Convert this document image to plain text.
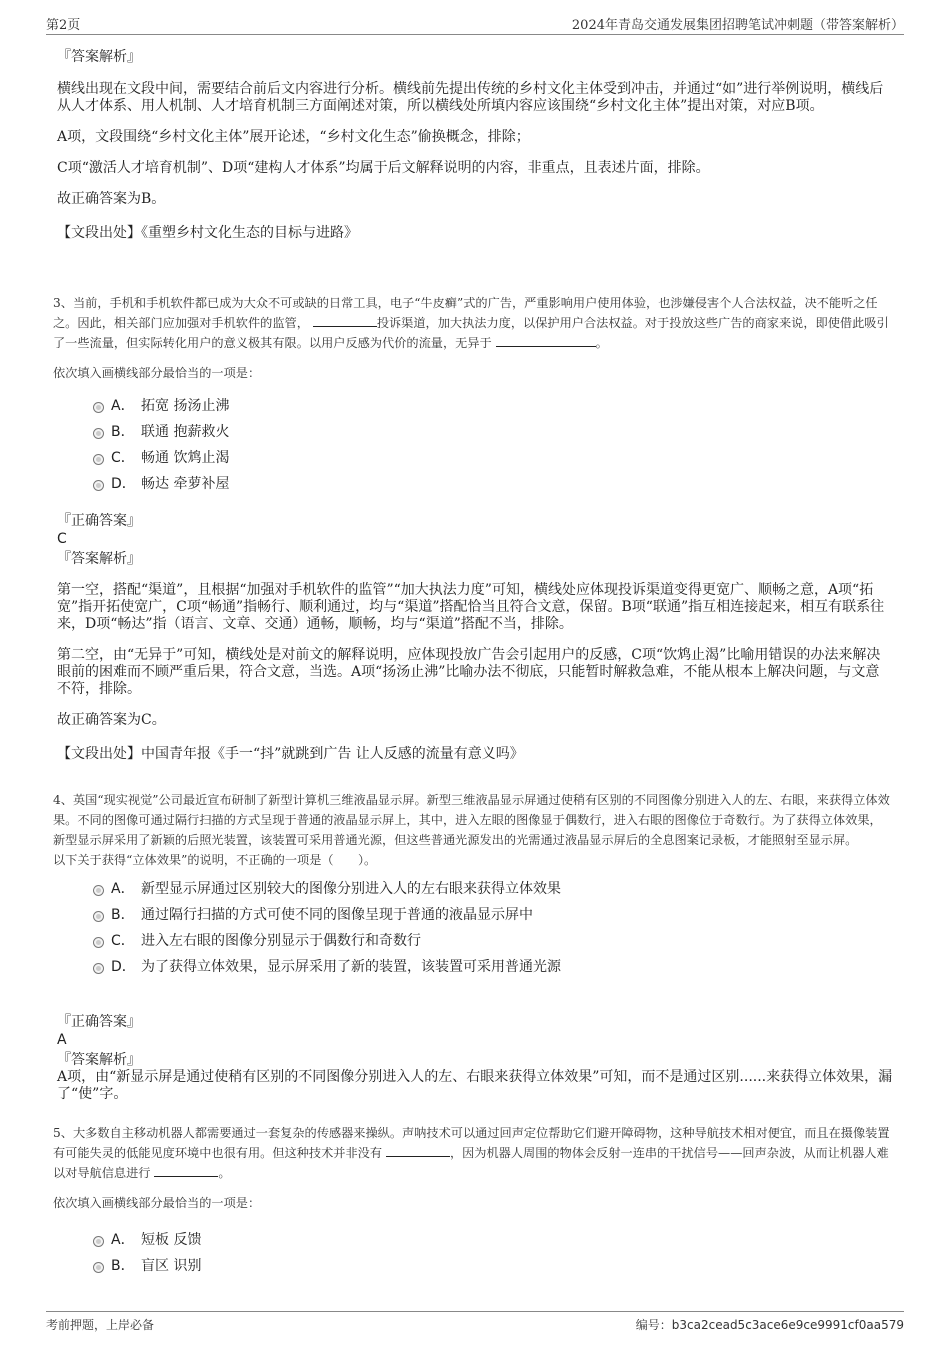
第2页	2024年青岛交通发展集团招聘笔试冲刺题（带答案解析）

『答案解析』

横线出现在文段中间，需要结合前后文内容进行分析。横线前先提出传统的乡村文化主体受到冲击，并通过“如”进行举例说明，横线后从人才体系、用人机制、人才培育机制三方面阐述对策，所以横线处所填内容应该围绕“乡村文化主体”提出对策，对应B项。

A项，文段围绕“乡村文化主体”展开论述，“乡村文化生态”偷换概念，排除；

C项“激活人才培育机制”、D项“建构人才体系”均属于后文解释说明的内容，非重点，且表述片面，排除。

故正确答案为B。

【文段出处】《重塑乡村文化生态的目标与进路》

3、当前，手机和手机软件都已成为大众不可或缺的日常工具，电子“牛皮癣”式的广告，严重影响用户使用体验，也涉嫌侵害个人合法权益，决不能听之任之。因此，相关部门应加强对手机软件的监管，	投诉渠道，加大执法力度，以保护用户合法权益。对于投放这些广告的商家来说，即使借此吸引了一些流量，但实际转化用户的意义极其有限。以用户反感为代价的流量，无异于	。

依次填入画横线部分最恰当的一项是：

A． 拓宽 扬汤止沸
B． 联通 抱薪救火
C． 畅通 饮鸩止渴
D． 畅达 牵萝补屋

『正确答案』

C

『答案解析』

第一空，搭配“渠道”，且根据“加强对手机软件的监管”“加大执法力度”可知，横线处应体现投诉渠道变得更宽广、顺畅之意，A项“拓宽”指开拓使宽广，C项“畅通”指畅行、顺利通过，均与“渠道”搭配恰当且符合文意，保留。B项“联通”指互相连接起来，相互有联系往来，D项“畅达”指（语言、文章、交通）通畅，顺畅，均与“渠道”搭配不当，排除。

第二空，由“无异于”可知，横线处是对前文的解释说明，应体现投放广告会引起用户的反感，C项“饮鸩止渴”比喻用错误的办法来解决眼前的困难而不顾严重后果，符合文意，当选。A项“扬汤止沸”比喻办法不彻底，只能暂时解救急难，不能从根本上解决问题，与文意不符，排除。

故正确答案为C。

【文段出处】中国青年报《手一“抖”就跳到广告 让人反感的流量有意义吗》

4、英国“现实视觉”公司最近宣布研制了新型计算机三维液晶显示屏。新型三维液晶显示屏通过使稍有区别的不同图像分别进入人的左、右眼，来获得立体效果。不同的图像可通过隔行扫描的方式呈现于普通的液晶显示屏上，其中，进入左眼的图像显于偶数行，进入右眼的图像位于奇数行。为了获得立体效果，新型显示屏采用了新颖的后照光装置，该装置可采用普通光源，但这些普通光源发出的光需通过液晶显示屏后的全息图案记录板，才能照射至显示屏。

以下关于获得“立体效果”的说明，不正确的一项是（　　）。

A． 新型显示屏通过区别较大的图像分别进入人的左右眼来获得立体效果
B． 通过隔行扫描的方式可使不同的图像呈现于普通的液晶显示屏中
C． 进入左右眼的图像分别显示于偶数行和奇数行
D． 为了获得立体效果，显示屏采用了新的装置，该装置可采用普通光源

『正确答案』

A

『答案解析』

A项，由“新显示屏是通过使稍有区别的不同图像分别进入人的左、右眼来获得立体效果”可知，而不是通过区别......来获得立体效果，漏了“使”字。

5、大多数自主移动机器人都需要通过一套复杂的传感器来操纵。声呐技术可以通过回声定位帮助它们避开障碍物，这种导航技术相对便宜，而且在摄像装置有可能失灵的低能见度环境中也很有用。但这种技术并非没有	，因为机器人周围的物体会反射一连串的干扰信号——回声杂波，从而让机器人难以对导航信息进行	。

依次填入画横线部分最恰当的一项是：

A． 短板 反馈
B． 盲区 识别
考前押题，上岸必备	编号：b3ca2cead5c3ace6e9ce9991cf0aa579
